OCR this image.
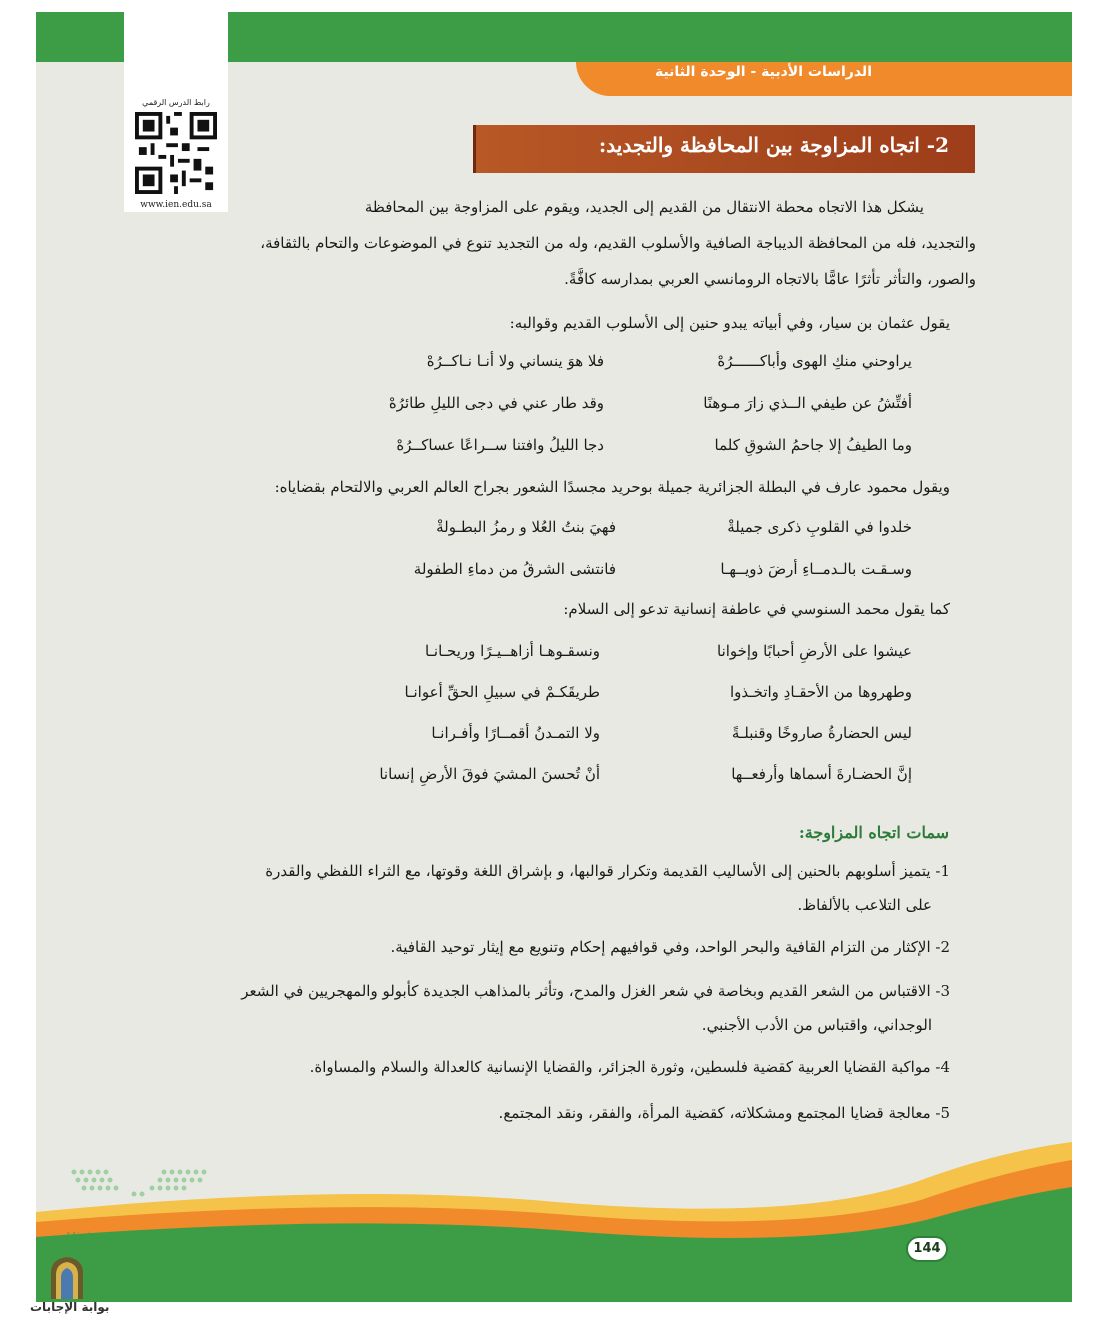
الدراسات الأدبية - الوحدة الثانية
رابط الدرس الرقمي
www.ien.edu.sa
2- اتجاه المزاوجة بين المحافظة والتجديد:
يشكل هذا الاتجاه محطة الانتقال من القديم إلى الجديد، ويقوم على المزاوجة بين المحافظة
والتجديد، فله من المحافظة الديباجة الصافية والأسلوب القديم، وله من التجديد تنوع في الموضوعات والتحام بالثقافة،
والصور، والتأثر تأثرًا عامًّا بالاتجاه الرومانسي العربي بمدارسه كافَّةً.
يقول عثمان بن سيار، وفي أبياته يبدو حنين إلى الأسلوب القديم وقوالبه:
يراوحني منكِ الهوى وأباكــــــرُهْ
فلا هوَ ينساني ولا أنـا نـاكــرُهْ
أفتِّشُ عن طيفي الــذي زارَ مـوهنًا
وقد طار عني في دجى الليلِ طائرُهْ
وما الطيفُ إلا جاحمُ الشوقِ كلما
دجا الليلُ وافتنا ســراعًا عساكــرُهْ
ويقول محمود عارف في البطلة الجزائرية جميلة بوحريد مجسدًا الشعور بجراح العالم العربي والالتحام بقضاياه:
خلدوا في القلوبِ ذكرى جميلةْ
فهيَ بنتُ العُلا و رمزُ البطـولةْ
وسـقـت بالـدمــاءِ أرضَ ذويــهـا
فانتشى الشرقُ من دماءِ الطفولة
كما يقول محمد السنوسي في عاطفة إنسانية تدعو إلى السلام:
عيشوا على الأرضِ أحبابًا وإخوانا
ونسقـوهـا أزاهــيـرًا وريحـانـا
وطهروها من الأحقـادِ واتخـذوا
طريقَكـمْ في سبيلِ الحقِّ أعوانـا
ليس الحضارةُ صاروخًا وقنبلـةً
ولا التمـدنُ أقمــارًا وأفـرانـا
إنَّ الحضـارةَ أسماها وأرفعــها
أنْ تُحسنَ المشيَ فوقَ الأرضِ إنسانا
سمات اتجاه المزاوجة:
1- يتميز أسلوبهم بالحنين إلى الأساليب القديمة وتكرار قوالبها، و بإشراق اللغة وقوتها، مع الثراء اللفظي والقدرة
على التلاعب بالألفاظ.
2- الإكثار من التزام القافية والبحر الواحد، وفي قوافيهم إحكام وتنويع مع إيثار توحيد القافية.
3- الاقتباس من الشعر القديم وبخاصة في شعر الغزل والمدح، وتأثر بالمذاهب الجديدة كأبولو والمهجريين في الشعر
الوجداني، واقتباس من الأدب الأجنبي.
4- مواكبة القضايا العربية كقضية فلسطين، وثورة الجزائر، والقضايا الإنسانية كالعدالة والسلام والمساواة.
5- معالجة قضايا المجتمع ومشكلاته، كقضية المرأة، والفقر، ونقد المجتمع.
144
Ministry of Education
2023 - 1445
بوابة الإجابات
